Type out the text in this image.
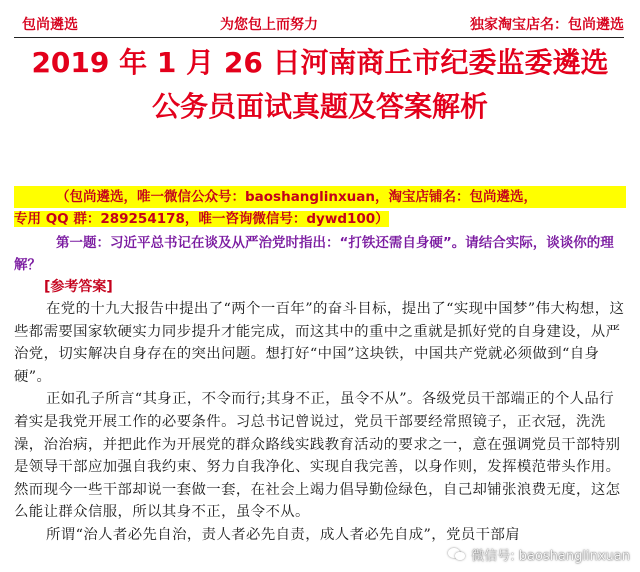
包尚遴选	为您包上而努力	独家淘宝店名：包尚遴选
2019 年 1 月 26 日河南商丘市纪委监委遴选
公务员面试真题及答案解析
（包尚遴选，唯一微信公众号：baoshanglinxuan，淘宝店铺名：包尚遴选，
专用 QQ 群：289254178，唯一咨询微信号：dywd100）
第一题：习近平总书记在谈及从严治党时指出：“打铁还需自身硬”。请结合实际，谈谈你的理解？
[参考答案]

在党的十九大报告中提出了“两个一百年”的奋斗目标，提出了“实现中国梦”伟大构想，这些都需要国家软硬实力同步提升才能完成，而这其中的重中之重就是抓好党的自身建设，从严治党，切实解决自身存在的突出问题。想打好“中国”这块铁，中国共产党就必须做到“自身硬”。

正如孔子所言“其身正，不令而行;其身不正，虽令不从”。各级党员干部端正的个人品行着实是我党开展工作的必要条件。习总书记曾说过，党员干部要经常照镜子，正衣冠，洗洗澡，治治病，并把此作为开展党的群众路线实践教育活动的要求之一，意在强调党员干部特别是领导干部应加强自我约束、努力自我净化、实现自我完善，以身作则，发挥模范带头作用。然而现今一些干部却说一套做一套，在社会上竭力倡导勤俭绿色，自己却铺张浪费无度，这怎么能让群众信服，所以其身不正，虽令不从。

所谓“治人者必先自治，责人者必先自责，成人者必先自成”，党员干部肩

微信号: baoshanglinxuan
